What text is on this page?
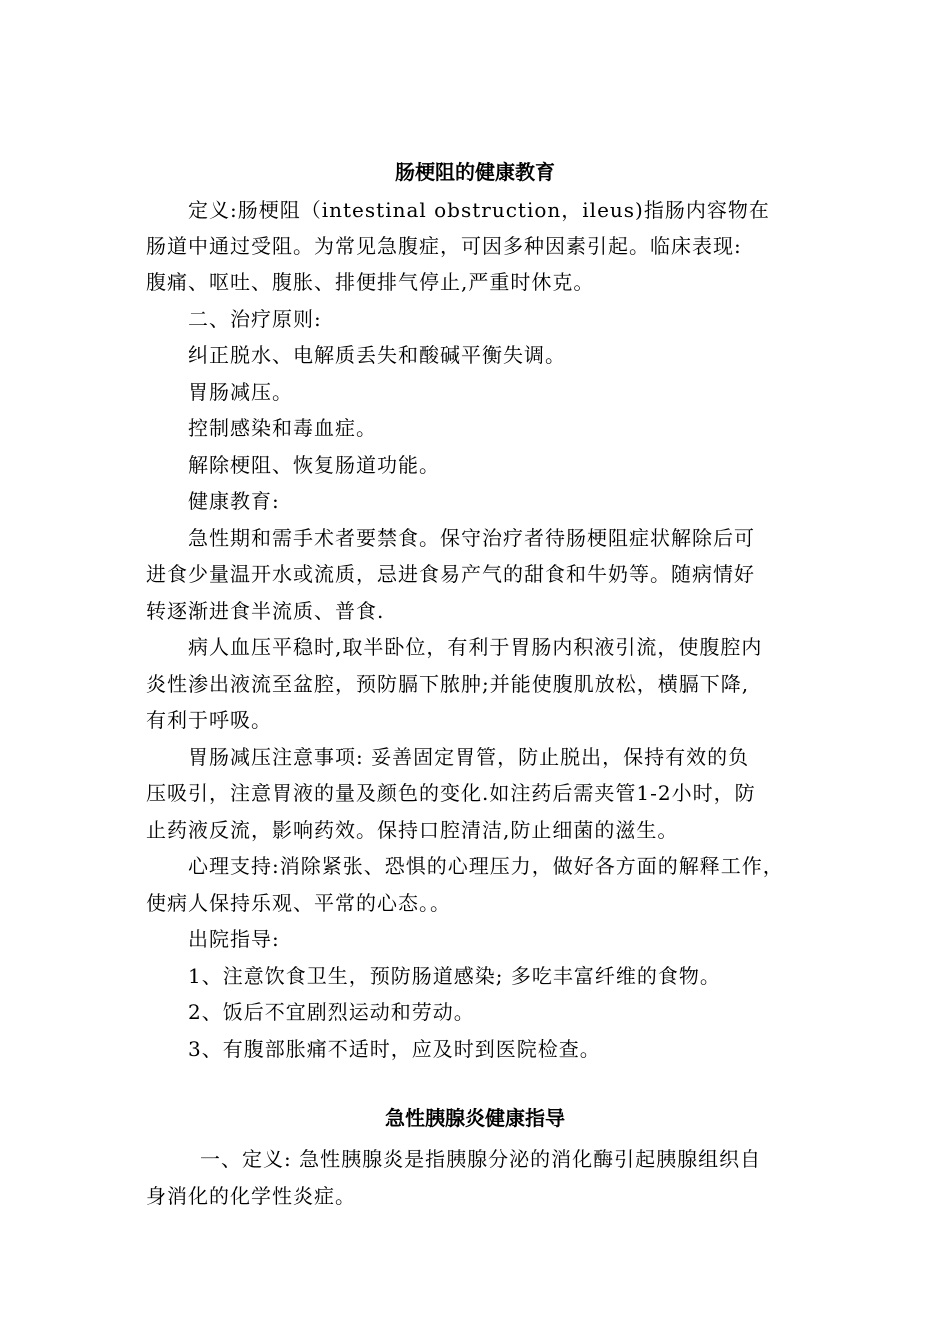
肠梗阻的健康教育
定义:肠梗阻（intestinal obstruction，ileus)指肠内容物在
肠道中通过受阻。为常见急腹症，可因多种因素引起。临床表现:
腹痛、呕吐、腹胀、排便排气停止,严重时休克。
二、治疗原则:
纠正脱水、电解质丢失和酸碱平衡失调。
胃肠减压。
控制感染和毒血症。
解除梗阻、恢复肠道功能。
健康教育:
急性期和需手术者要禁食。保守治疗者待肠梗阻症状解除后可
进食少量温开水或流质，忌进食易产气的甜食和牛奶等。随病情好
转逐渐进食半流质、普食.
病人血压平稳时,取半卧位，有利于胃肠内积液引流，使腹腔内
炎性渗出液流至盆腔，预防膈下脓肿;并能使腹肌放松，横膈下降,
有利于呼吸。
胃肠减压注意事项: 妥善固定胃管，防止脱出，保持有效的负
压吸引，注意胃液的量及颜色的变化.如注药后需夹管1-2小时，防
止药液反流，影响药效。保持口腔清洁,防止细菌的滋生。
心理支持:消除紧张、恐惧的心理压力，做好各方面的解释工作，
使病人保持乐观、平常的心态。。
出院指导:
1、注意饮食卫生，预防肠道感染; 多吃丰富纤维的食物。
2、饭后不宜剧烈运动和劳动。
3、有腹部胀痛不适时，应及时到医院检查。
急性胰腺炎健康指导
一、定义: 急性胰腺炎是指胰腺分泌的消化酶引起胰腺组织自
身消化的化学性炎症。
